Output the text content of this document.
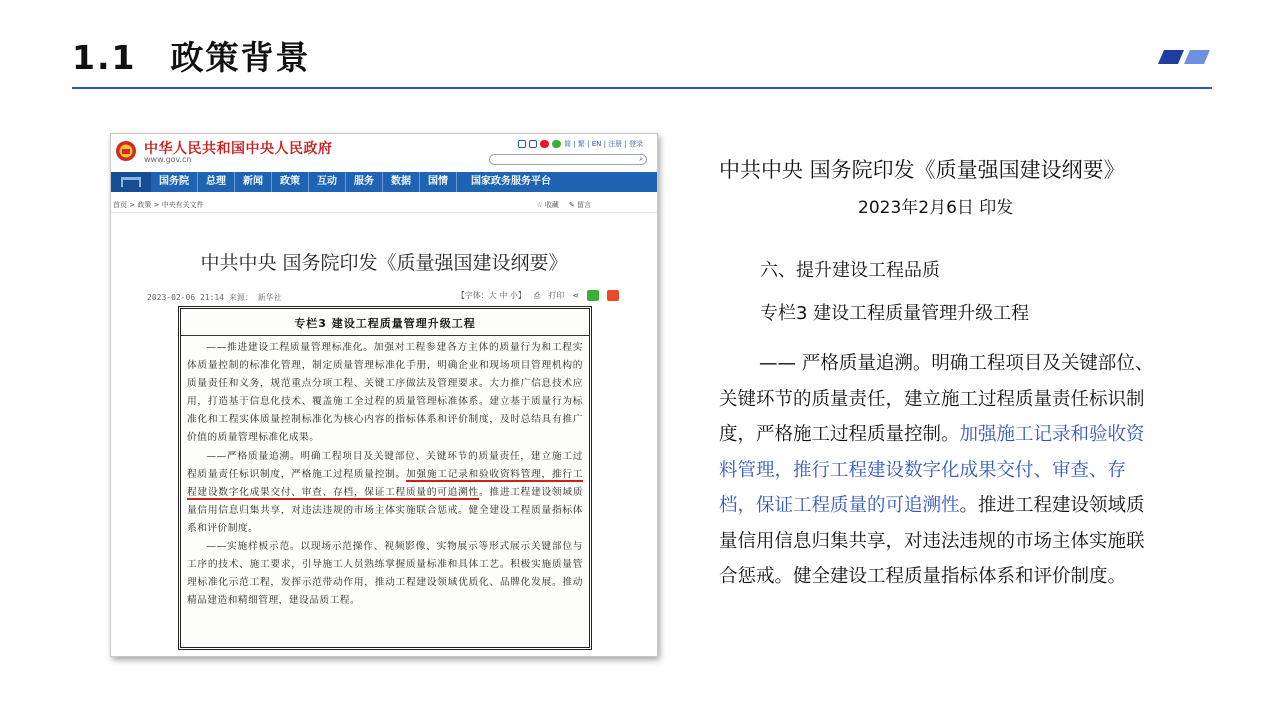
1.1 政策背景
中华人民共和国中央人民政府
www.gov.cn
简 | 繁 | EN | 注册 | 登录
⌕
国务院	总理	新闻	政策	互动	服务	数据	国情	国家政务服务平台
首页 > 政策 > 中央有关文件	☆ 收藏 ✎ 留言
中共中央 国务院印发《质量强国建设纲要》
2023-02-06 21:14 来源： 新华社	【字体：大 中 小】 ⎙ 打印 ⋖
专栏3 建设工程质量管理升级工程

——推进建设工程质量管理标准化。加强对工程参建各方主体的质量行为和工程实体质量控制的标准化管理，制定质量管理标准化手册，明确企业和现场项目管理机构的质量责任和义务，规范重点分项工程、关键工序做法及管理要求。大力推广信息技术应用，打造基于信息化技术、覆盖施工全过程的质量管理标准体系。建立基于质量行为标准化和工程实体质量控制标准化为核心内容的指标体系和评价制度，及时总结具有推广价值的质量管理标准化成果。

——严格质量追溯。明确工程项目及关键部位、关键环节的质量责任，建立施工过程质量责任标识制度，严格施工过程质量控制。加强施工记录和验收资料管理，推行工程建设数字化成果交付、审查、存档，保证工程质量的可追溯性。推进工程建设领域质量信用信息归集共享，对违法违规的市场主体实施联合惩戒。健全建设工程质量指标体系和评价制度。

——实施样板示范。以现场示范操作、视频影像、实物展示等形式展示关键部位与工序的技术、施工要求，引导施工人员熟练掌握质量标准和具体工艺。积极实施质量管理标准化示范工程，发挥示范带动作用，推动工程建设领域优质化、品牌化发展。推动精品建造和精细管理，建设品质工程。

中共中央 国务院印发《质量强国建设纲要》
2023年2月6日 印发
六、提升建设工程品质
专栏3 建设工程质量管理升级工程
—— 严格质量追溯。明确工程项目及关键部位、关键环节的质量责任，建立施工过程质量责任标识制度，严格施工过程质量控制。加强施工记录和验收资料管理，推行工程建设数字化成果交付、审查、存档，保证工程质量的可追溯性。推进工程建设领域质量信用信息归集共享，对违法违规的市场主体实施联合惩戒。健全建设工程质量指标体系和评价制度。
